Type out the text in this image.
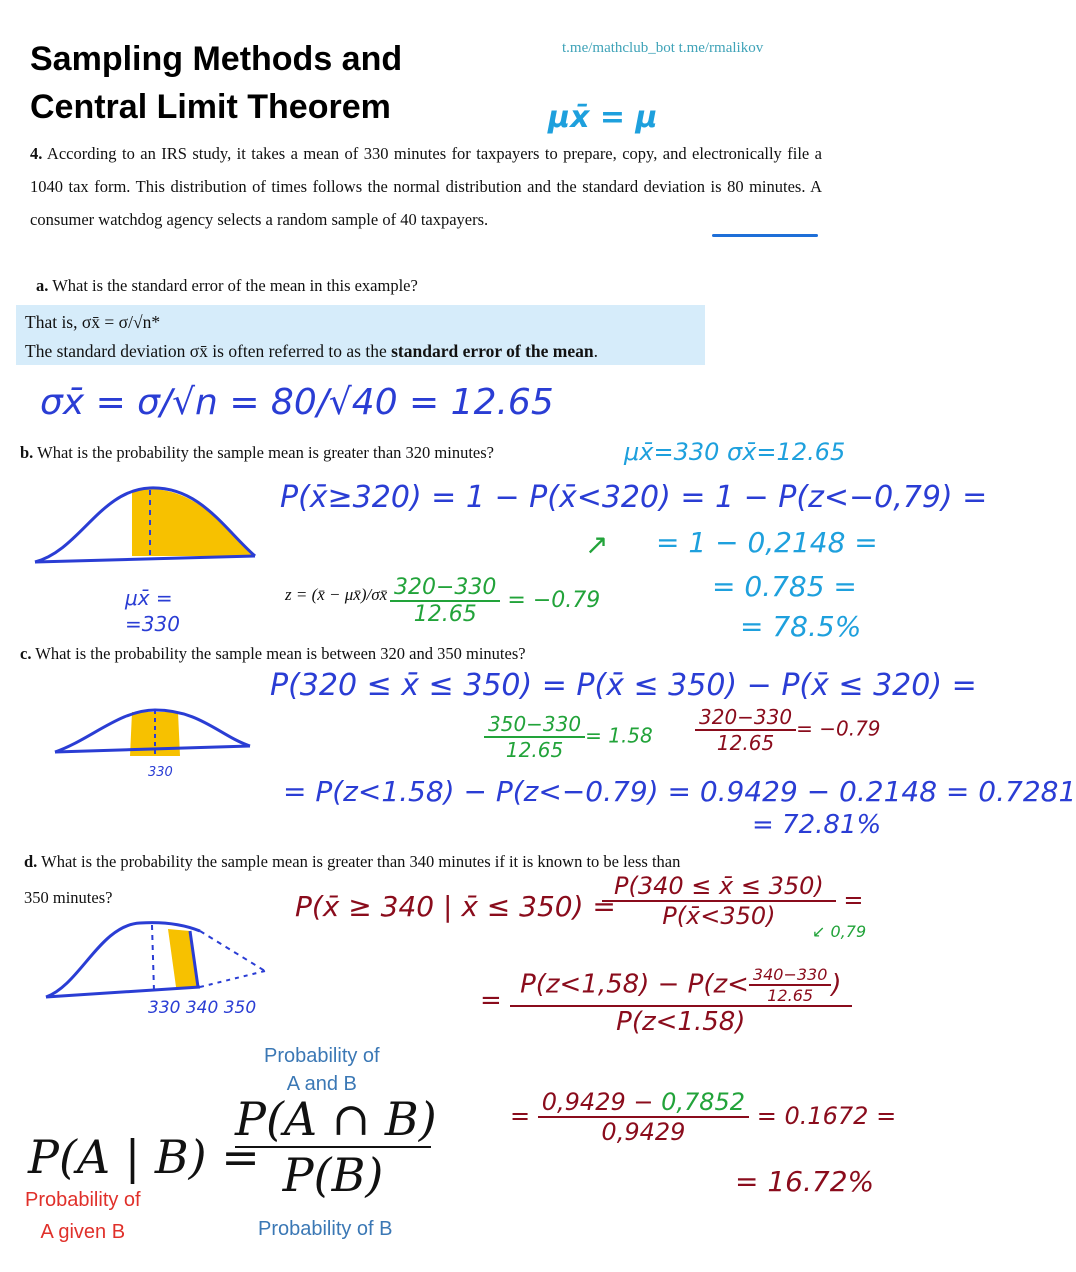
Sampling Methods and
Central Limit Theorem
t.me/mathclub_bot t.me/rmalikov
μx̄ = μ
4. According to an IRS study, it takes a mean of 330 minutes for taxpayers to prepare, copy, and electronically file a 1040 tax form. This distribution of times follows the normal distribution and the standard deviation is 80 minutes. A consumer watchdog agency selects a random sample of 40 taxpayers.
a. What is the standard error of the mean in this example?
That is, σx̄ = σ/√n*
The standard deviation σx̄ is often referred to as the standard error of the mean.
σx̄ = σ/√n = 80/√40 = 12.65
b. What is the probability the sample mean is greater than 320 minutes?	μx̄=330 σx̄=12.65
μx̄ =
=330
P(x̄≥320) = 1 − P(x̄<320) = 1 − P(z<−0,79) =
= 1 − 0,2148 =
= 0.785 =
= 78.5%
↗
z = (x̄ − μx̄)/σx̄ $\frac{320-330}{12.65} = -0.79$
c. What is the probability the sample mean is between 320 and 350 minutes?
330
P(320 ≤ x̄ ≤ 350) = P(x̄ ≤ 350) − P(x̄ ≤ 320) =
$\frac{350-330}{12.65} = 1.58 \frac{320-330}{12.65} = -0.79$
= P(z<1.58) − P(z<−0.79) = 0.9429 − 0.2148 = 0.7281
= 72.81%
d. What is the probability the sample mean is greater than 340 minutes if it is known to be less than
350 minutes?
330 340 350
P(x̄ ≥ 340 | x̄ ≤ 350) =
$\frac{P(340 \le x̄ \le 350)}{P(x̄<350)}$ =
↙ 0,79
= $\frac{P(z<1,58) - P(z< \frac{340-330}{12.65} )}{P(z<1.58)}$
= $\frac{0,9429 - 0,7852}{0,9429} = 0.1672$ =
= 16.72%
Probability of
A and B
P(A | B) =
P(A ∩ B)
P(B)
Probability of
A given B	Probability of B
